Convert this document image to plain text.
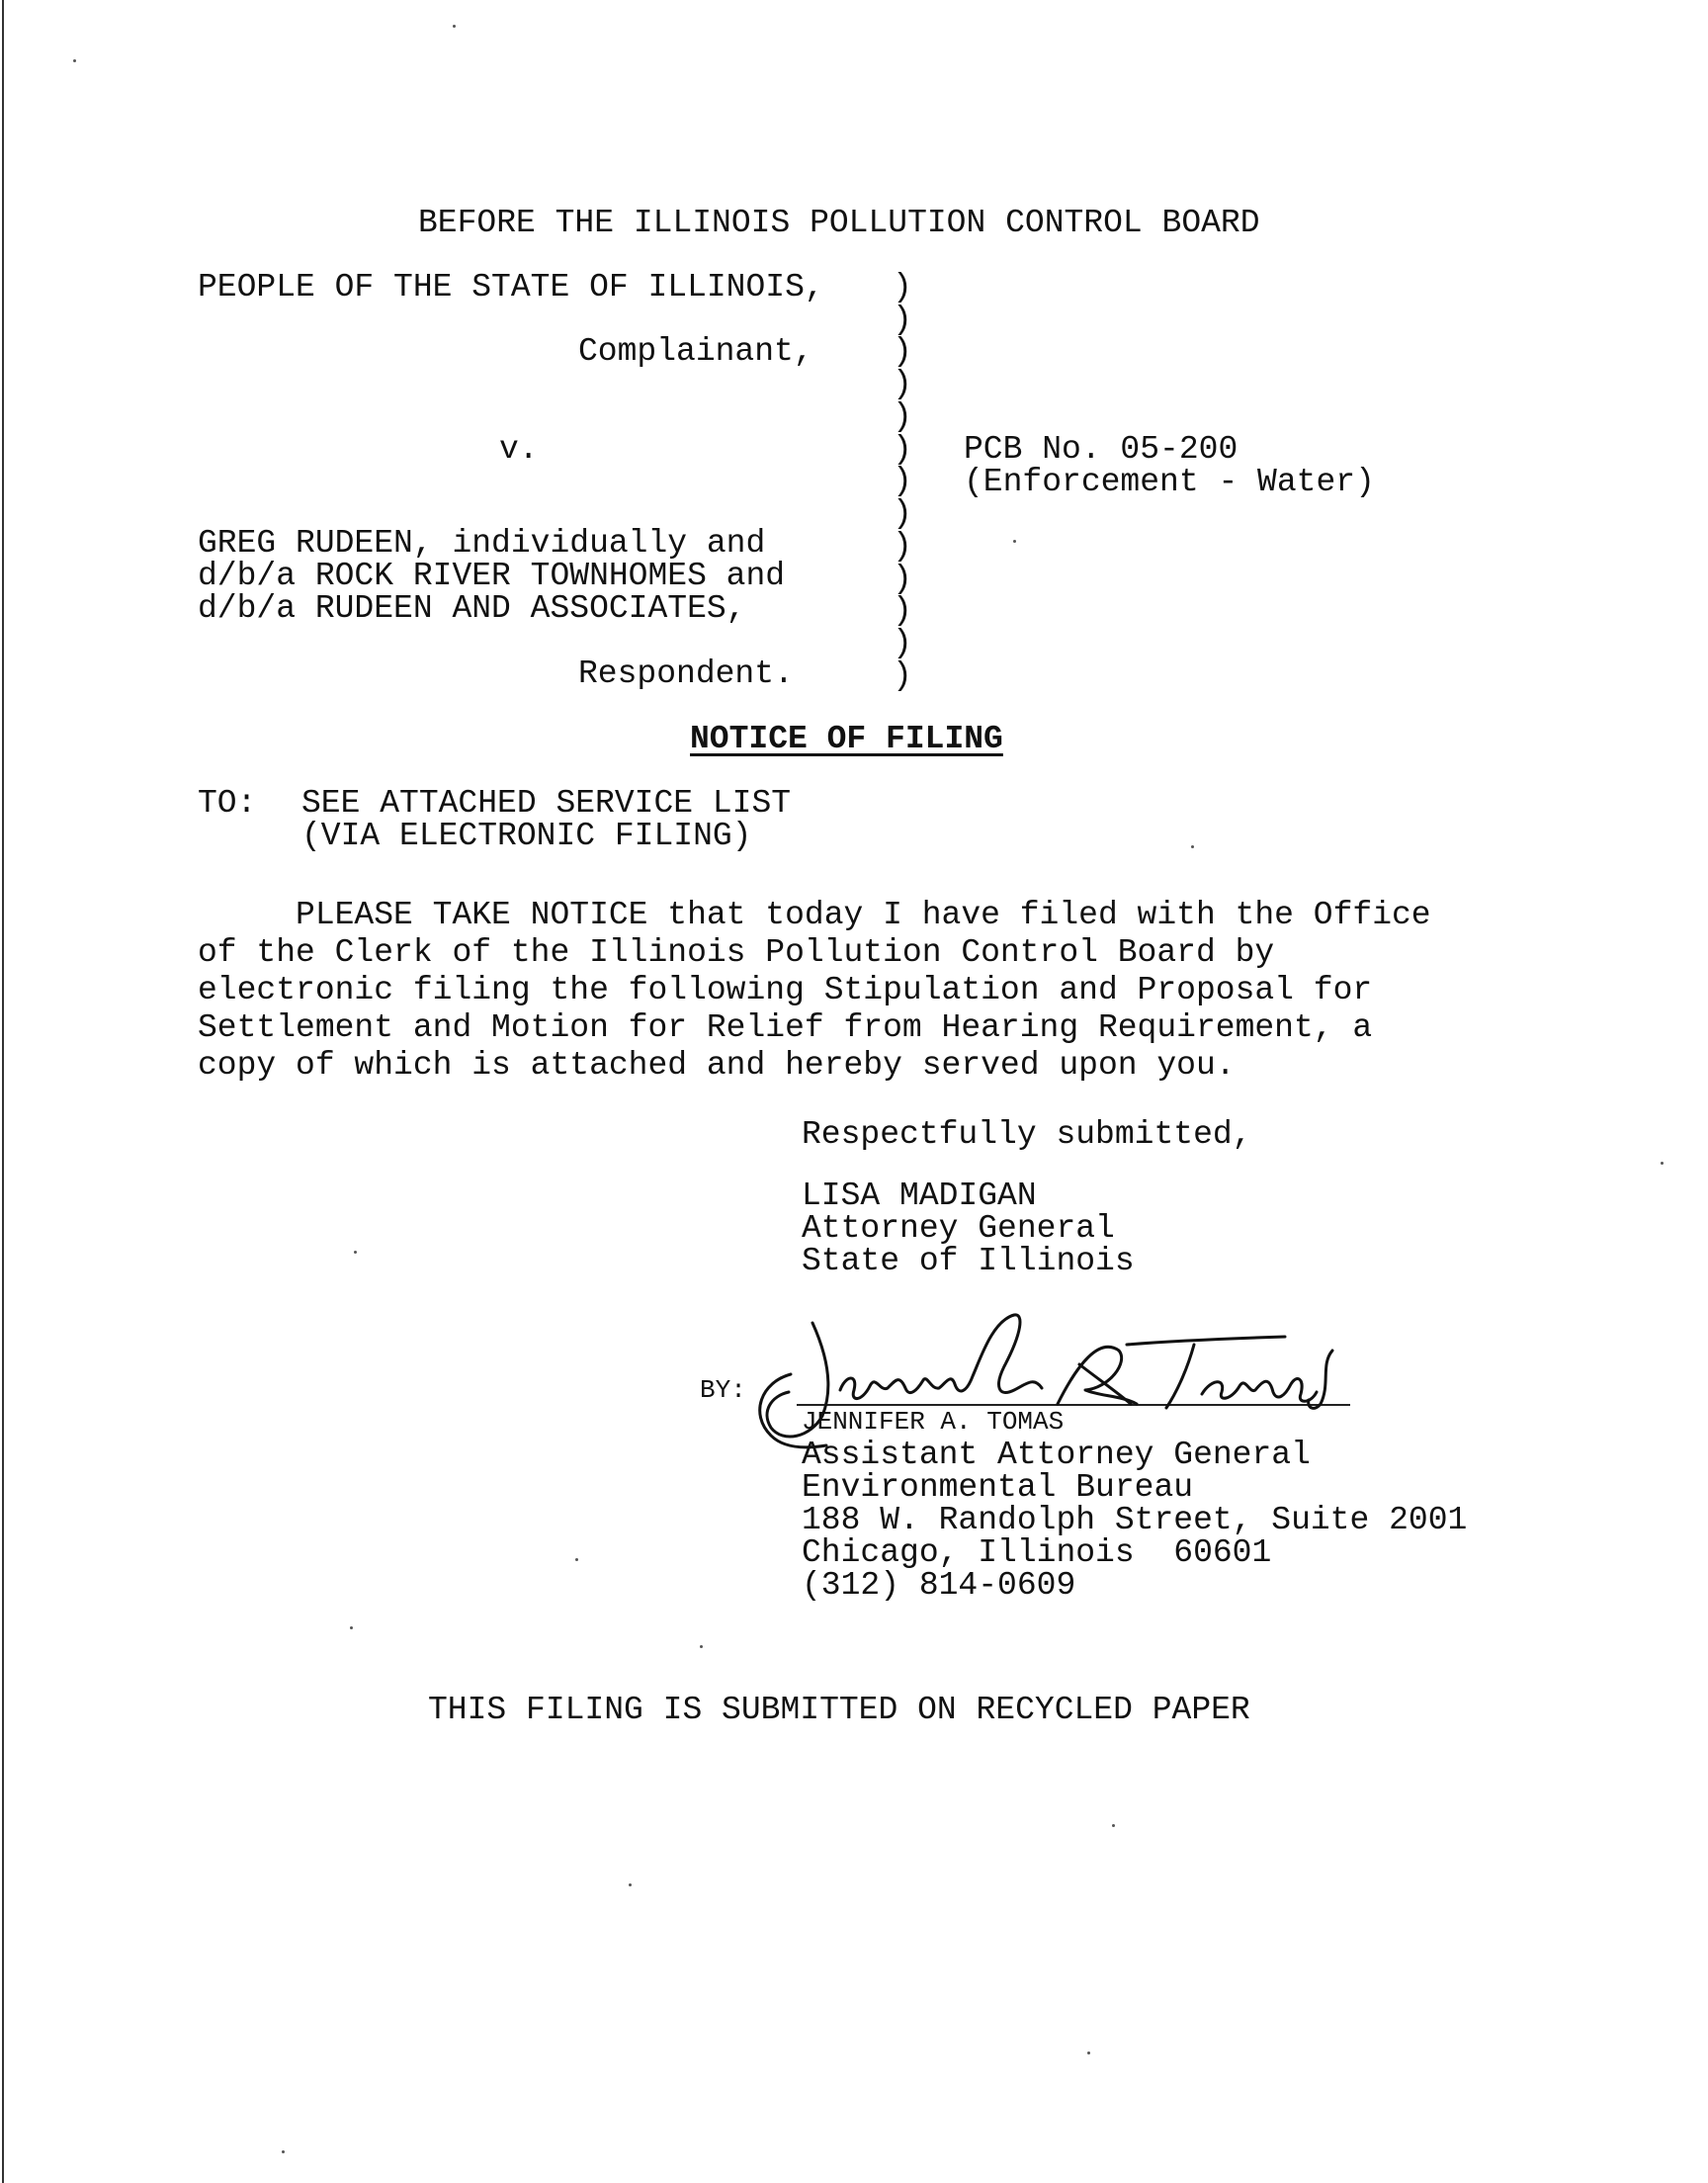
BEFORE THE ILLINOIS POLLUTION CONTROL BOARD
PEOPLE OF THE STATE OF ILLINOIS,
Complainant,
v.
GREG RUDEEN, individually and
d/b/a ROCK RIVER TOWNHOMES and
d/b/a RUDEEN AND ASSOCIATES,
Respondent.
)
)
)
)
)
)
)
)
)
)
)
)
)
PCB No. 05-200
(Enforcement - Water)
NOTICE OF FILING
TO: SEE ATTACHED SERVICE LIST
(VIA ELECTRONIC FILING)
PLEASE TAKE NOTICE that today I have filed with the Office
of the Clerk of the Illinois Pollution Control Board by
electronic filing the following Stipulation and Proposal for
Settlement and Motion for Relief from Hearing Requirement, a
copy of which is attached and hereby served upon you.
Respectfully submitted,
LISA MADIGAN
Attorney General
State of Illinois
BY:
JENNIFER A. TOMAS
Assistant Attorney General
Environmental Bureau
188 W. Randolph Street, Suite 2001
Chicago, Illinois  60601
(312) 814-0609
THIS FILING IS SUBMITTED ON RECYCLED PAPER
